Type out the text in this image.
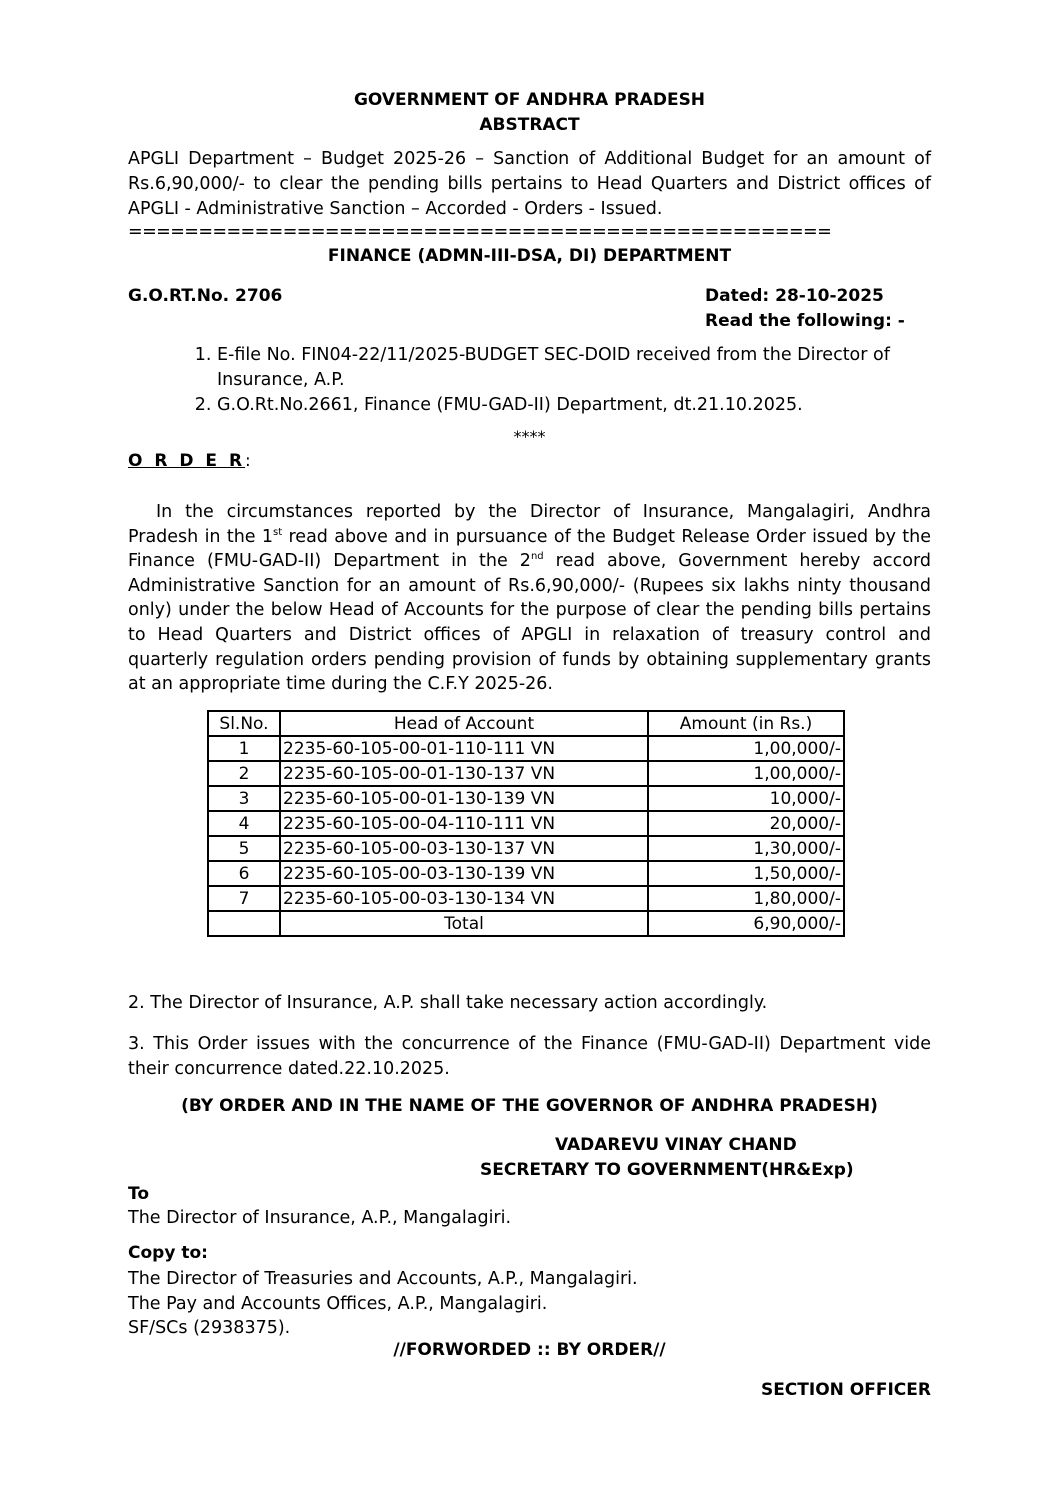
GOVERNMENT OF ANDHRA PRADESH
ABSTRACT
APGLI Department – Budget 2025-26 – Sanction of Additional Budget for an amount of Rs.6,90,000/- to clear the pending bills pertains to Head Quarters and District offices of APGLI - Administrative Sanction – Accorded - Orders - Issued.
==================================================
FINANCE (ADMN-III-DSA, DI) DEPARTMENT
G.O.RT.No. 2706	Dated: 28-10-2025
Read the following: -
1. E-file No. FIN04-22/11/2025-BUDGET SEC-DOID received from the Director of Insurance, A.P.
2. G.O.Rt.No.2661, Finance (FMU-GAD-II) Department, dt.21.10.2025.
****
O R D E R:
In the circumstances reported by the Director of Insurance, Mangalagiri, Andhra Pradesh in the 1st read above and in pursuance of the Budget Release Order issued by the Finance (FMU-GAD-II) Department in the 2nd read above, Government hereby accord Administrative Sanction for an amount of Rs.6,90,000/- (Rupees six lakhs ninty thousand only) under the below Head of Accounts for the purpose of clear the pending bills pertains to Head Quarters and District offices of APGLI in relaxation of treasury control and quarterly regulation orders pending provision of funds by obtaining supplementary grants at an appropriate time during the C.F.Y 2025-26.
Sl.No.	Head of Account	Amount (in Rs.)
1	2235-60-105-00-01-110-111 VN	1,00,000/-
2	2235-60-105-00-01-130-137 VN	1,00,000/-
3	2235-60-105-00-01-130-139 VN	10,000/-
4	2235-60-105-00-04-110-111 VN	20,000/-
5	2235-60-105-00-03-130-137 VN	1,30,000/-
6	2235-60-105-00-03-130-139 VN	1,50,000/-
7	2235-60-105-00-03-130-134 VN	1,80,000/-
	Total	6,90,000/-
2. The Director of Insurance, A.P. shall take necessary action accordingly.
3. This Order issues with the concurrence of the Finance (FMU-GAD-II) Department vide their concurrence dated.22.10.2025.
(BY ORDER AND IN THE NAME OF THE GOVERNOR OF ANDHRA PRADESH)
VADAREVU VINAY CHAND
SECRETARY TO GOVERNMENT(HR&Exp)
To
The Director of Insurance, A.P., Mangalagiri.
Copy to:
The Director of Treasuries and Accounts, A.P., Mangalagiri.
The Pay and Accounts Offices, A.P., Mangalagiri.
SF/SCs (2938375).
//FORWORDED :: BY ORDER//
SECTION OFFICER
